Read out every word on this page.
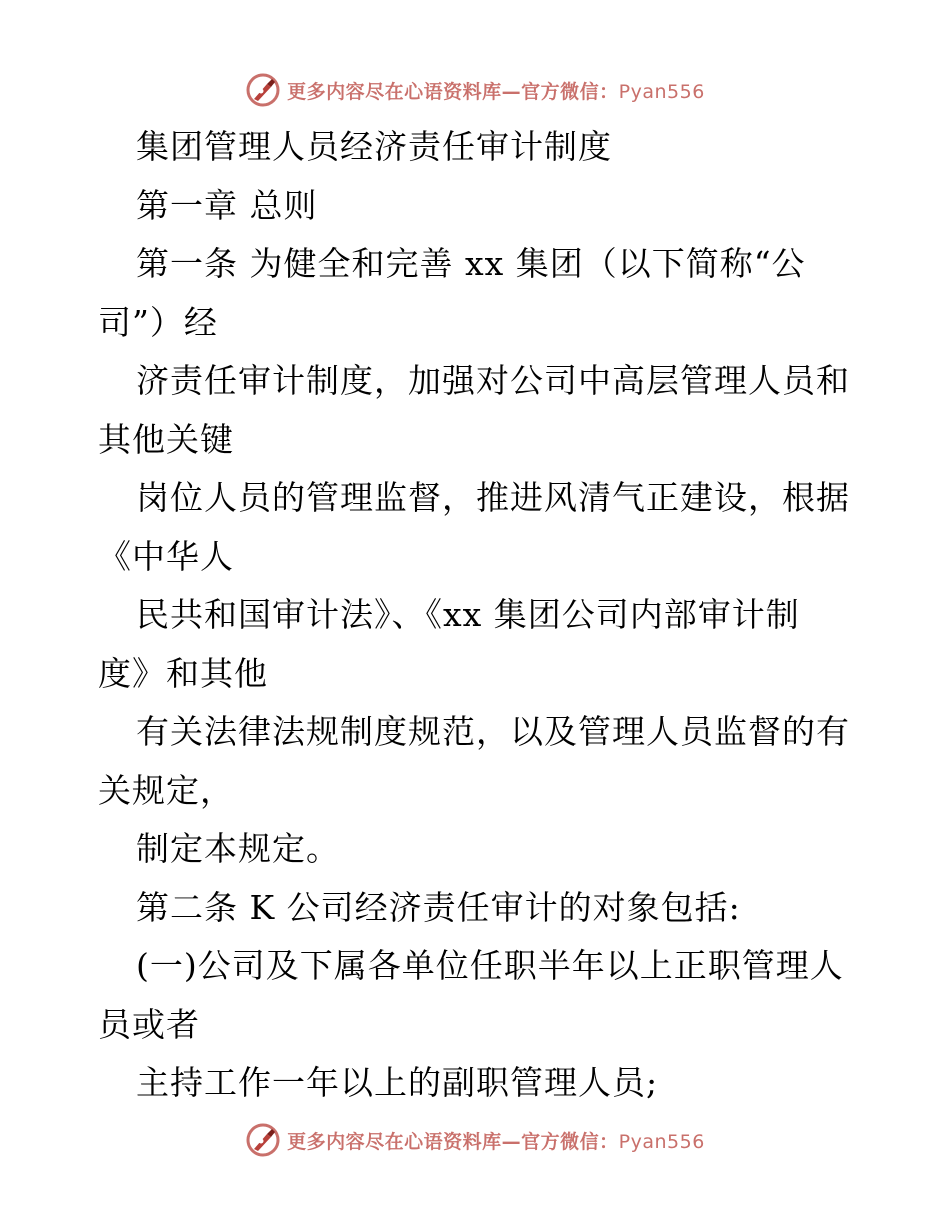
更多内容尽在心语资料库—官方微信：Pyan556
集团管理人员经济责任审计制度
第一章 总则
第一条 为健全和完善 xx 集团（以下简称“公
司”）经
济责任审计制度，加强对公司中高层管理人员和
其他关键
岗位人员的管理监督，推进风清气正建设，根据
《中华人
民共和国审计法》、《xx 集团公司内部审计制
度》和其他
有关法律法规制度规范，以及管理人员监督的有
关规定，
制定本规定。
第二条 K 公司经济责任审计的对象包括:
(一)公司及下属各单位任职半年以上正职管理人
员或者
主持工作一年以上的副职管理人员;
更多内容尽在心语资料库—官方微信：Pyan556
